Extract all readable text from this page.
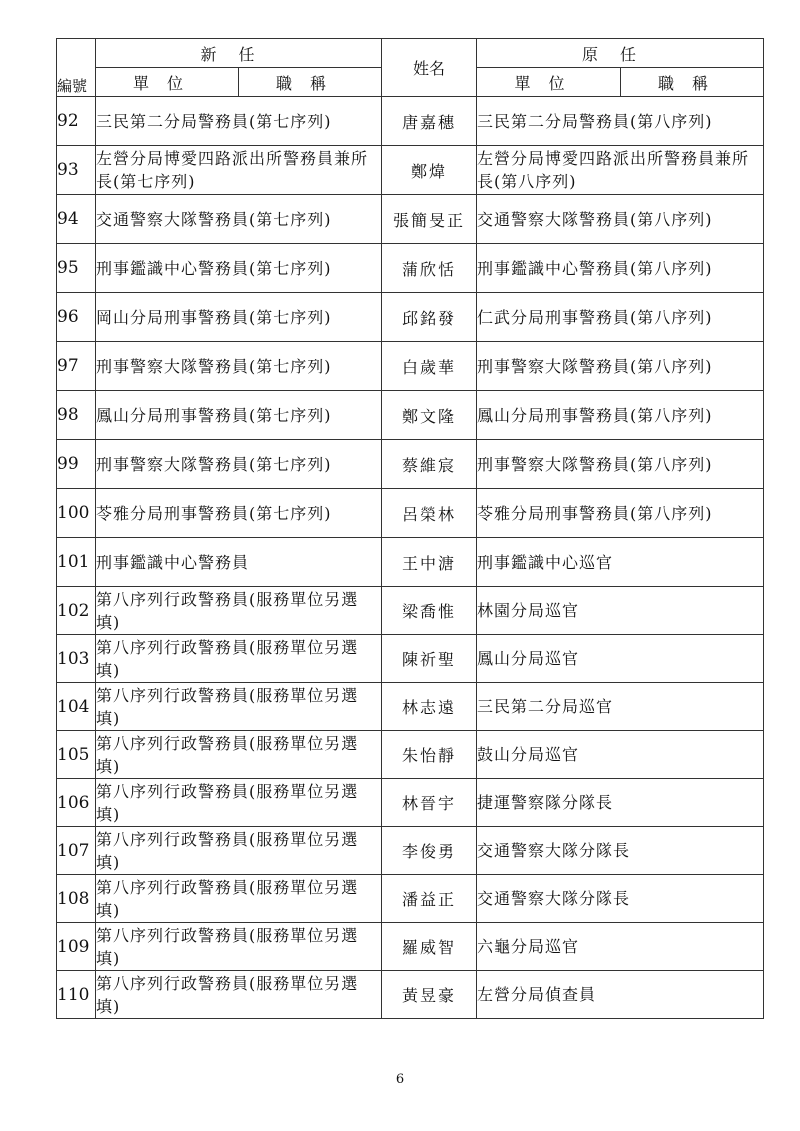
編號	新任		姓名	原任	
	單位	職稱		單位	職稱
92	三民第二分局警務員(第七序列)		唐嘉穗	三民第二分局警務員(第八序列)	
93	左營分局博愛四路派出所警務員兼所長(第七序列)		鄭煒	左營分局博愛四路派出所警務員兼所長(第八序列)	
94	交通警察大隊警務員(第七序列)		張簡旻正	交通警察大隊警務員(第八序列)	
95	刑事鑑識中心警務員(第七序列)		蒲欣恬	刑事鑑識中心警務員(第八序列)	
96	岡山分局刑事警務員(第七序列)		邱銘發	仁武分局刑事警務員(第八序列)	
97	刑事警察大隊警務員(第七序列)		白歲華	刑事警察大隊警務員(第八序列)	
98	鳳山分局刑事警務員(第七序列)		鄭文隆	鳳山分局刑事警務員(第八序列)	
99	刑事警察大隊警務員(第七序列)		蔡維宸	刑事警察大隊警務員(第八序列)	
100	苓雅分局刑事警務員(第七序列)		呂榮林	苓雅分局刑事警務員(第八序列)	
101	刑事鑑識中心警務員		王中溏	刑事鑑識中心巡官	
102	第八序列行政警務員(服務單位另選填)		梁喬惟	林園分局巡官	
103	第八序列行政警務員(服務單位另選填)		陳祈聖	鳳山分局巡官	
104	第八序列行政警務員(服務單位另選填)		林志遠	三民第二分局巡官	
105	第八序列行政警務員(服務單位另選填)		朱怡靜	鼓山分局巡官	
106	第八序列行政警務員(服務單位另選填)		林晉宇	捷運警察隊分隊長	
107	第八序列行政警務員(服務單位另選填)		李俊勇	交通警察大隊分隊長	
108	第八序列行政警務員(服務單位另選填)		潘益正	交通警察大隊分隊長	
109	第八序列行政警務員(服務單位另選填)		羅威智	六龜分局巡官	
110	第八序列行政警務員(服務單位另選填)		黃昱豪	左營分局偵查員	
6
